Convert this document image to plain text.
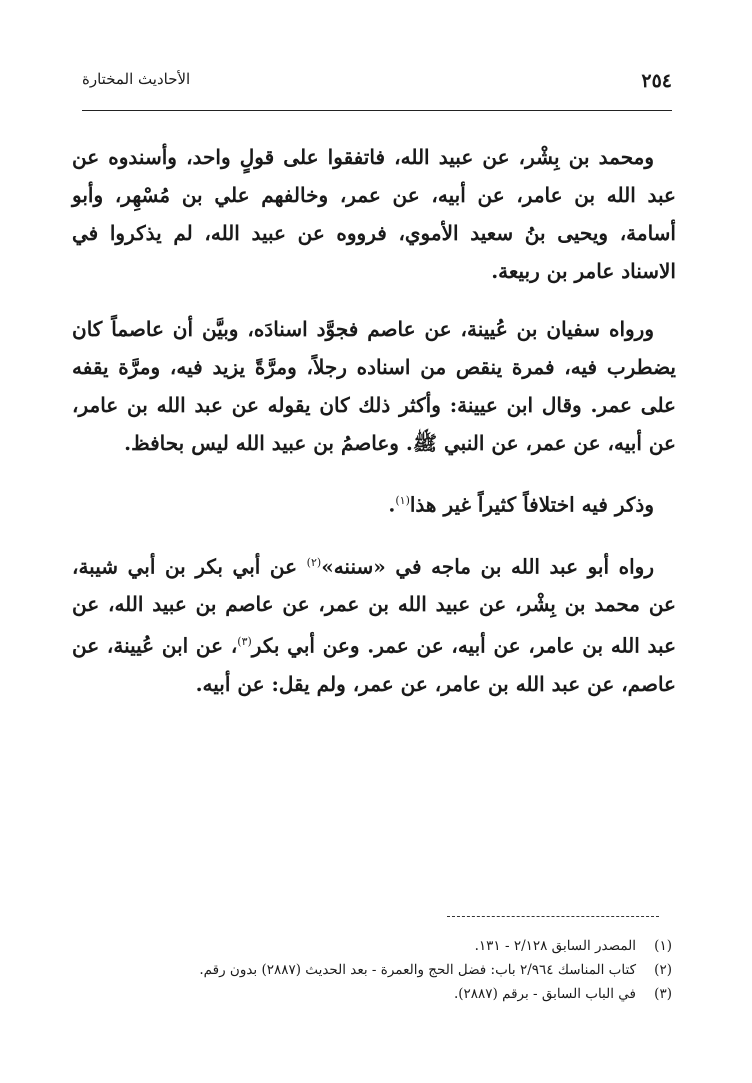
٢٥٤
الأحاديث المختارة

ومحمد بن بِشْر، عن عبيد الله، فاتفقوا على قولٍ واحد، وأسندوه عن عبد الله بن عامر، عن أبيه، عن عمر، وخالفهم علي بن مُسْهِر، وأبو أسامة، ويحيى بنُ سعيد الأموي، فرووه عن عبيد الله، لم يذكروا في الاسناد عامر بن ربيعة.

ورواه سفيان بن عُيينة، عن عاصم فجوَّد اسنادَه، وبيَّن أن عاصماً كان يضطرب فيه، فمرة ينقص من اسناده رجلاً، ومرَّةً يزيد فيه، ومرَّة يقفه على عمر. وقال ابن عيينة: وأكثر ذلك كان يقوله عن عبد الله بن عامر، عن أبيه، عن عمر، عن النبي ﷺ. وعاصمُ بن عبيد الله ليس بحافظ.

وذكر فيه اختلافاً كثيراً غير هذا$^{(١)}$.

رواه أبو عبد الله بن ماجه في «سننه»$^{(٢)}$ عن أبي بكر بن أبي شيبة، عن محمد بن بِشْر، عن عبيد الله بن عمر، عن عاصم بن عبيد الله، عن عبد الله بن عامر، عن أبيه، عن عمر. وعن أبي بكر$^{(٣)}$، عن ابن عُيينة، عن عاصم، عن عبد الله بن عامر، عن عمر، ولم يقل: عن أبيه.

(١)
المصدر السابق ٢/١٢٨ - ١٣١.
(٢)
كتاب المناسك ٢/٩٦٤ باب: فضل الحج والعمرة - بعد الحديث (٢٨٨٧) بدون رقم.
(٣)
في الباب السابق - برقم (٢٨٨٧).
